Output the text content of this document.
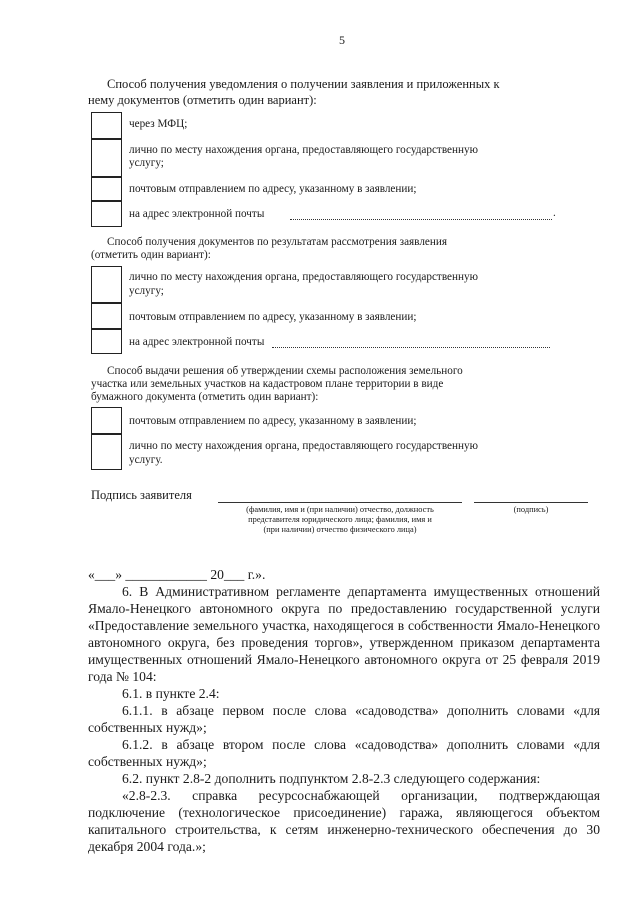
5
Способ получения уведомления о получении заявления и приложенных к
нему документов (отметить один вариант):
через МФЦ;
лично по месту нахождения органа, предоставляющего государственную
услугу;
почтовым отправлением по адресу, указанному в заявлении;
на адрес электронной почты	.
Способ получения документов по результатам рассмотрения заявления
(отметить один вариант):
лично по месту нахождения органа, предоставляющего государственную
услугу;
почтовым отправлением по адресу, указанному в заявлении;
на адрес электронной почты
Способ выдачи решения об утверждении схемы расположения земельного
участка или земельных участков на кадастровом плане территории в виде
бумажного документа (отметить один вариант):
почтовым отправлением по адресу, указанному в заявлении;
лично по месту нахождения органа, предоставляющего государственную
услугу.
Подпись заявителя
(фамилия, имя и (при наличии) отчество, должность представителя юридического лица; фамилия, имя и (при наличии) отчество физического лица)
(подпись)
«___» ____________ 20___ г.».

6. В Административном регламенте департамента имущественных отношений Ямало-Ненецкого автономного округа по предоставлению государственной услуги «Предоставление земельного участка, находящегося в собственности Ямало-Ненецкого автономного округа, без проведения торгов», утвержденном приказом департамента имущественных отношений Ямало-Ненецкого автономного округа от 25 февраля 2019 года № 104:

6.1. в пункте 2.4:

6.1.1. в абзаце первом после слова «садоводства» дополнить словами «для собственных нужд»;

6.1.2. в абзаце втором после слова «садоводства» дополнить словами «для собственных нужд»;

6.2. пункт 2.8-2 дополнить подпунктом 2.8-2.3 следующего содержания:

«2.8-2.3. справка ресурсоснабжающей организации, подтверждающая подключение (технологическое присоединение) гаража, являющегося объектом капитального строительства, к сетям инженерно-технического обеспечения до 30 декабря 2004 года.»;
